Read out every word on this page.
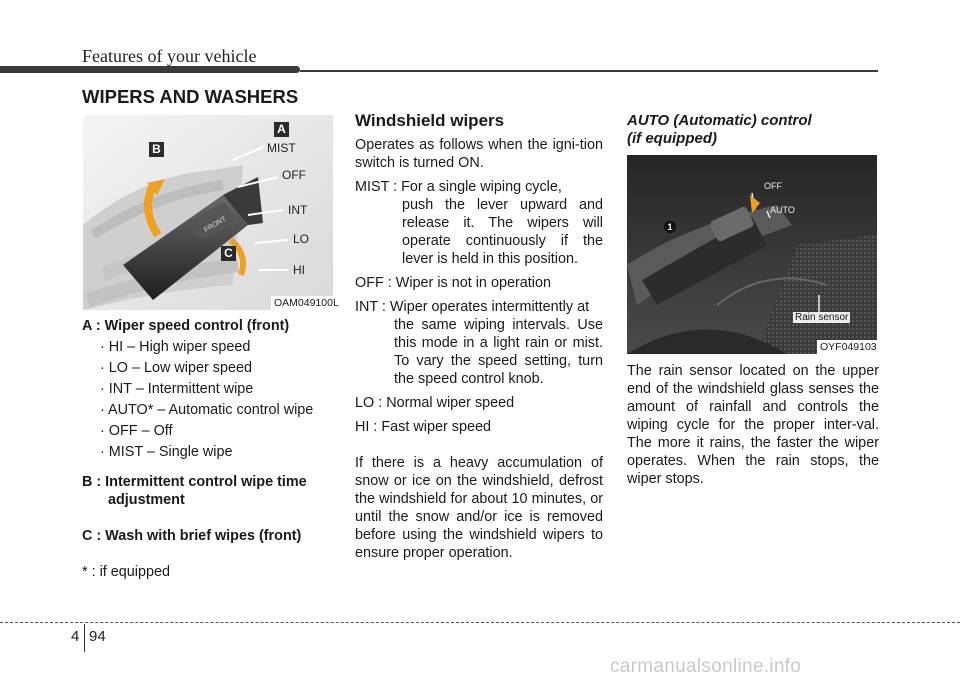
Features of your vehicle
WIPERS AND WASHERS
FRONT
A
B
C
MIST
OFF
INT
LO
HI
OAM049100L

A : Wiper speed control (front)

· HI – High wiper speed

· LO – Low wiper speed

· INT – Intermittent wipe

· AUTO* – Automatic control wipe

· OFF – Off

· MIST – Single wipe

B : Intermittent control wipe time

adjustment

C : Wash with brief wipes (front)

* : if equipped

Windshield wipers

Operates as follows when the igni-tion switch is turned ON.

MIST : For a single wiping cycle,

push the lever upward and release it. The wipers will operate continuously if the lever is held in this position.

OFF : Wiper is not in operation

INT : Wiper operates intermittently at

the same wiping intervals. Use this mode in a light rain or mist. To vary the speed setting, turn the speed control knob.

LO : Normal wiper speed

HI : Fast wiper speed

If there is a heavy accumulation of snow or ice on the windshield, defrost the windshield for about 10 minutes, or until the snow and/or ice is removed before using the windshield wipers to ensure proper operation.

AUTO (Automatic) control

(if equipped)

OFF
AUTO
1
Rain sensor
OYF049103

The rain sensor located on the upper end of the windshield glass senses the amount of rainfall and controls the wiping cycle for the proper inter-val. The more it rains, the faster the wiper operates. When the rain stops, the wiper stops.

4 94
carmanualsonline.info
